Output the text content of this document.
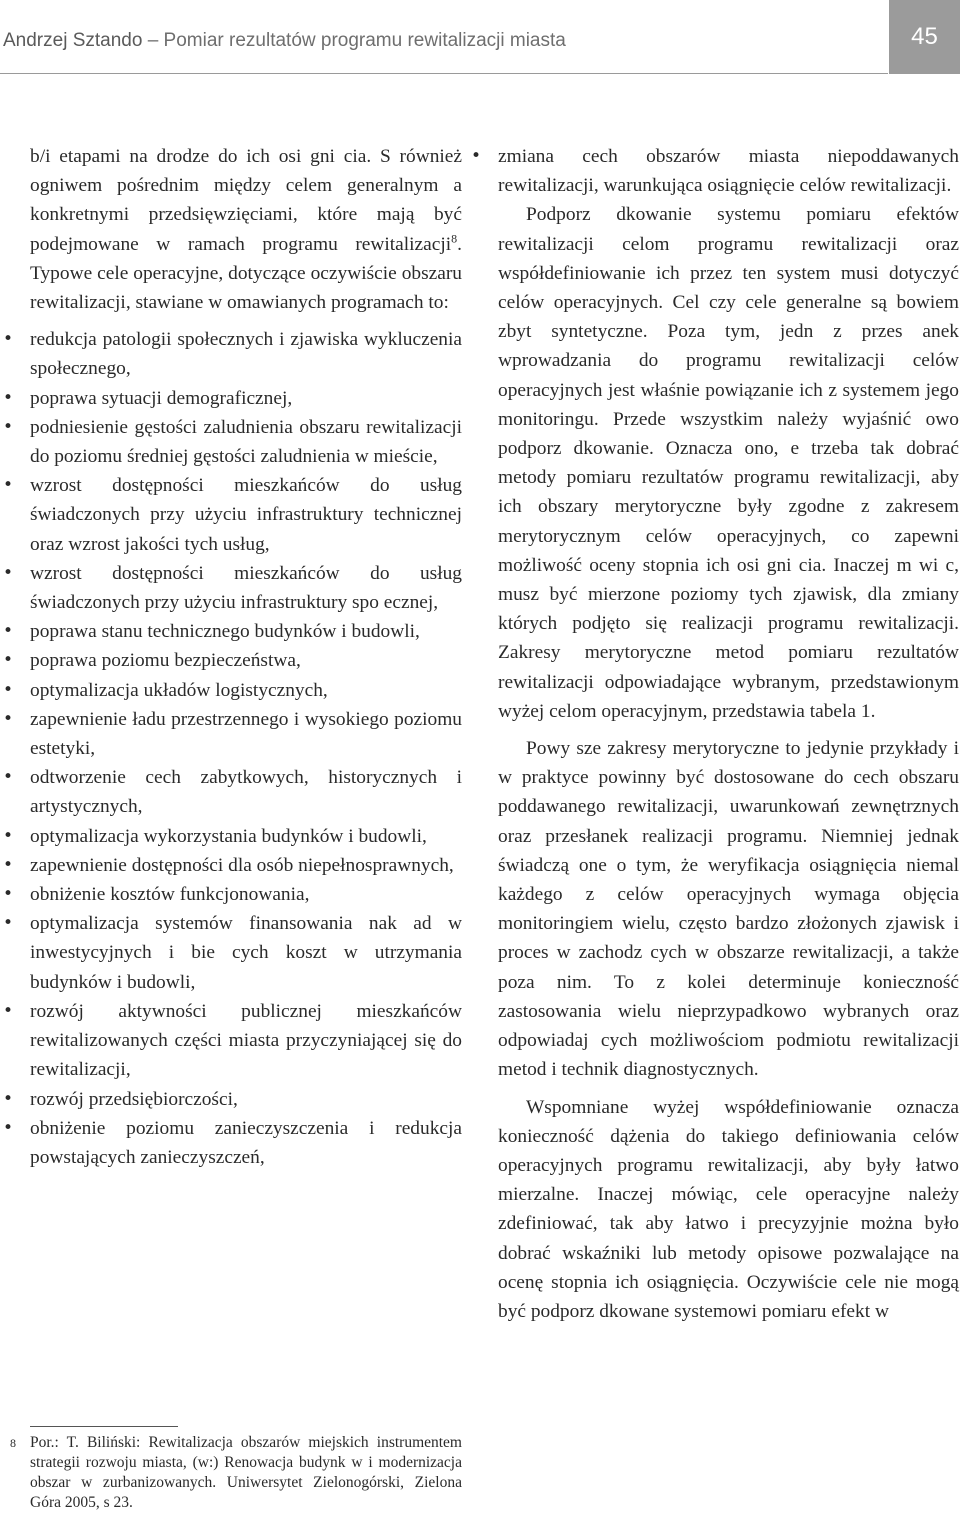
Andrzej Sztando – Pomiar rezultatów programu rewitalizacji miasta	45

b/i etapami na drodze do ich osi gni cia. S również ogniwem pośrednim między celem generalnym a konkretnymi przedsięwzięciami, które mają być podejmowane w ramach programu rewitalizacji$^8$. Typowe cele operacyjne, dotyczące oczywiście obszaru rewitalizacji, stawiane w omawianych programach to:

• redukcja patologii społecznych i zjawiska wykluczenia społecznego,
• poprawa sytuacji demograficznej,
• podniesienie gęstości zaludnienia obszaru rewitalizacji do poziomu średniej gęstości zaludnienia w mieście,
• wzrost dostępności mieszkańców do usług świadczonych przy użyciu infrastruktury technicznej oraz wzrost jakości tych usług,
• wzrost dostępności mieszkańców do usług świadczonych przy użyciu infrastruktury spo ecznej,
• poprawa stanu technicznego budynków i budowli,
• poprawa poziomu bezpieczeństwa,
• optymalizacja układów logistycznych,
• zapewnienie ładu przestrzennego i wysokiego poziomu estetyki,
• odtworzenie cech zabytkowych, historycznych i artystycznych,
• optymalizacja wykorzystania budynków i budowli,
• zapewnienie dostępności dla osób niepełnosprawnych,
• obniżenie kosztów funkcjonowania,
• optymalizacja systemów finansowania nak ad w inwestycyjnych i bie cych koszt w utrzymania budynków i budowli,
• rozwój aktywności publicznej mieszkańców rewitalizowanych części miasta przyczyniającej się do rewitalizacji,
• rozwój przedsiębiorczości,
• obniżenie poziomu zanieczyszczenia i redukcja powstających zanieczyszczeń,
8 Por.: T. Biliński: Rewitalizacja obszarów miejskich instrumentem strategii rozwoju miasta, (w:) Renowacja budynk w i modernizacja obszar w zurbanizowanych. Uniwersytet Zielonogórski, Zielona Góra 2005, s 23.
• zmiana cech obszarów miasta niepoddawanych rewitalizacji, warunkująca osiągnięcie celów rewitalizacji.

Podporz dkowanie systemu pomiaru efektów rewitalizacji celom programu rewitalizacji oraz współdefiniowanie ich przez ten system musi dotyczyć celów operacyjnych. Cel czy cele generalne są bowiem zbyt syntetyczne. Poza tym, jedn z przes anek wprowadzania do programu rewitalizacji celów operacyjnych jest właśnie powiązanie ich z systemem jego monitoringu. Przede wszystkim należy wyjaśnić owo podporz dkowanie. Oznacza ono, e trzeba tak dobrać metody pomiaru rezultatów programu rewitalizacji, aby ich obszary merytoryczne były zgodne z zakresem merytorycznym celów operacyjnych, co zapewni możliwość oceny stopnia ich osi gni cia. Inaczej m wi c, musz być mierzone poziomy tych zjawisk, dla zmiany których podjęto się realizacji programu rewitalizacji. Zakresy merytoryczne metod pomiaru rezultatów rewitalizacji odpowiadające wybranym, przedstawionym wyżej celom operacyjnym, przedstawia tabela 1.

Powy sze zakresy merytoryczne to jedynie przykłady i w praktyce powinny być dostosowane do cech obszaru poddawanego rewitalizacji, uwarunkowań zewnętrznych oraz przesłanek realizacji programu. Niemniej jednak świadczą one o tym, że weryfikacja osiągnięcia niemal każdego z celów operacyjnych wymaga objęcia monitoringiem wielu, często bardzo złożonych zjawisk i proces w zachodz cych w obszarze rewitalizacji, a także poza nim. To z kolei determinuje konieczność zastosowania wielu nieprzypadkowo wybranych oraz odpowiadaj cych możliwościom podmiotu rewitalizacji metod i technik diagnostycznych.

Wspomniane wyżej współdefiniowanie oznacza konieczność dążenia do takiego definiowania celów operacyjnych programu rewitalizacji, aby były łatwo mierzalne. Inaczej mówiąc, cele operacyjne należy zdefiniować, tak aby łatwo i precyzyjnie można było dobrać wskaźniki lub metody opisowe pozwalające na ocenę stopnia ich osiągnięcia. Oczywiście cele nie mogą być podporz dkowane systemowi pomiaru efekt w
